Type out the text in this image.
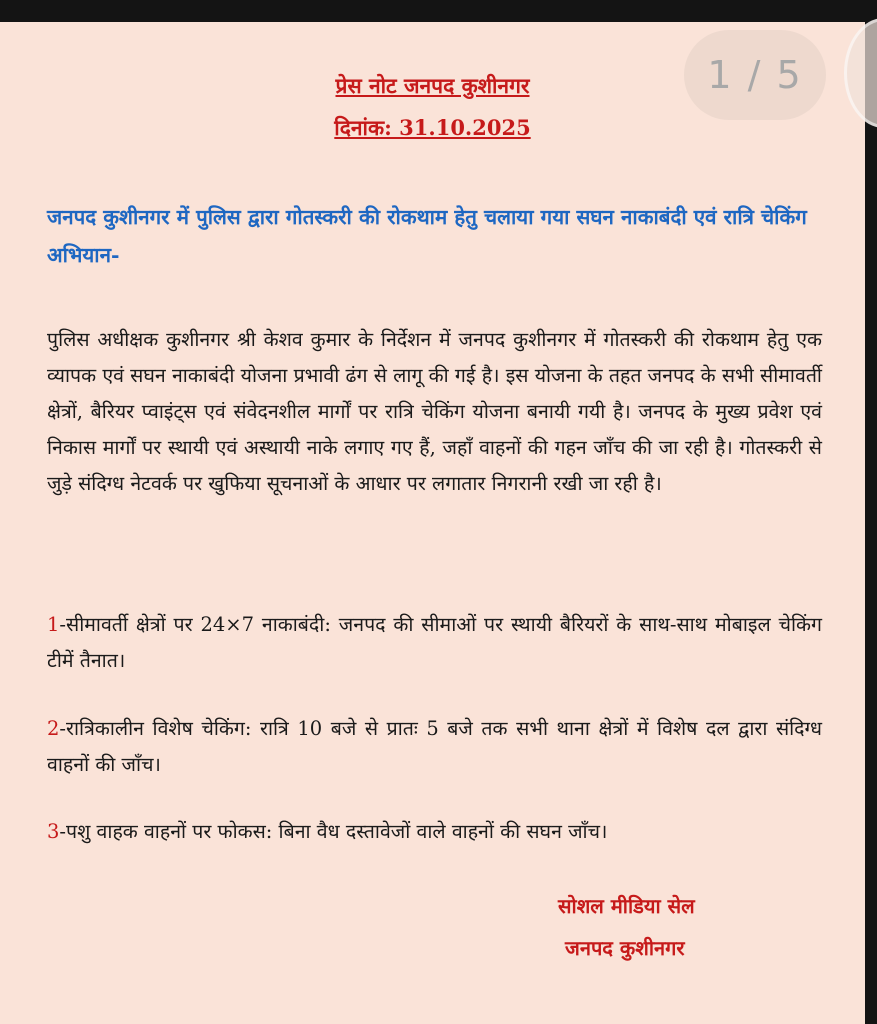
प्रेस नोट जनपद कुशीनगर
दिनांक: 31.10.2025
जनपद कुशीनगर में पुलिस द्वारा गोतस्करी की रोकथाम हेतु चलाया गया सघन नाकाबंदी एवं रात्रि चेकिंग अभियान-
पुलिस अधीक्षक कुशीनगर श्री केशव कुमार के निर्देशन में जनपद कुशीनगर में गोतस्करी की रोकथाम हेतु एक व्यापक एवं सघन नाकाबंदी योजना प्रभावी ढंग से लागू की गई है। इस योजना के तहत जनपद के सभी सीमावर्ती क्षेत्रों, बैरियर प्वाइंट्स एवं संवेदनशील मार्गों पर रात्रि चेकिंग योजना बनायी गयी है। जनपद के मुख्य प्रवेश एवं निकास मार्गों पर स्थायी एवं अस्थायी नाके लगाए गए हैं, जहाँ वाहनों की गहन जाँच की जा रही है। गोतस्करी से जुड़े संदिग्ध नेटवर्क पर खुफिया सूचनाओं के आधार पर लगातार निगरानी रखी जा रही है।
1-सीमावर्ती क्षेत्रों पर 24×7 नाकाबंदी: जनपद की सीमाओं पर स्थायी बैरियरों के साथ-साथ मोबाइल चेकिंग टीमें तैनात।
2-रात्रिकालीन विशेष चेकिंग: रात्रि 10 बजे से प्रातः 5 बजे तक सभी थाना क्षेत्रों में विशेष दल द्वारा संदिग्ध वाहनों की जाँच।
3-पशु वाहक वाहनों पर फोकस: बिना वैध दस्तावेजों वाले वाहनों की सघन जाँच।
सोशल मीडिया सेल
जनपद कुशीनगर
1 / 5
